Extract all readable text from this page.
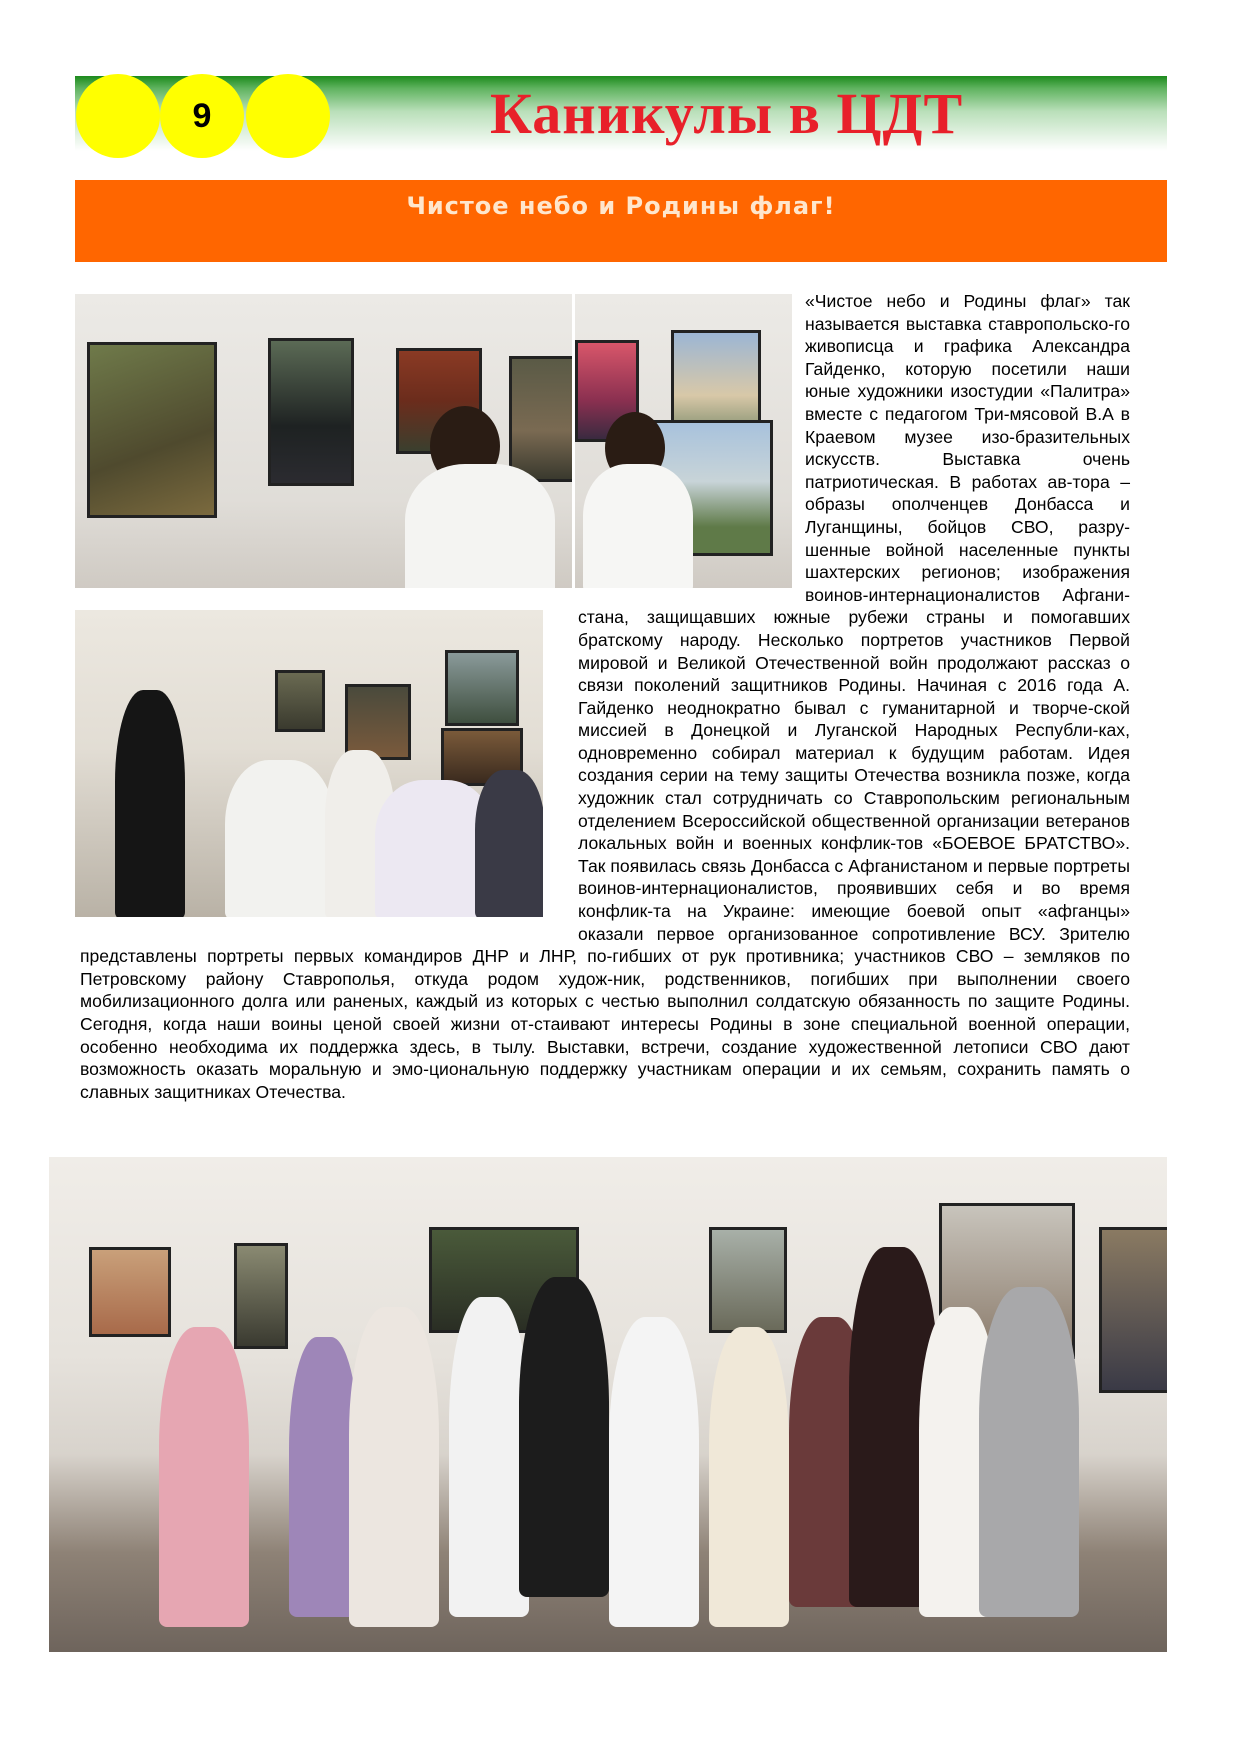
9	Каникулы в ЦДТ
Чистое небо и Родины флаг!
«Чистое небо и Родины флаг» так называется выставка ставропольско-го живописца и графика Александра Гайденко, которую посетили наши юные художники изостудии «Палитра» вместе с педагогом Три-мясовой В.А в Краевом музее изо-бразительных искусств. Выставка очень патриотическая. В работах ав-тора – образы ополченцев Донбасса и Луганщины, бойцов СВО, разру-шенные войной населенные пункты шахтерских регионов; изображения воинов-интернационалистов Афгани-стана, защищавших южные рубежи страны и помогавших братскому народу. Несколько портретов участников Первой мировой и Великой Отечественной войн продолжают рассказ о связи поколений защитников Родины. Начиная с 2016 года А. Гайденко неоднократно бывал с гуманитарной и творче-ской миссией в Донецкой и Луганской Народных Республи-ках, одновременно собирал материал к будущим работам. Идея создания серии на тему защиты Отечества возникла позже, когда художник стал сотрудничать со Ставропольским региональным отделением Всероссийской общественной организации ветеранов локальных войн и военных конфлик-тов «БОЕВОЕ БРАТСТВО». Так появилась связь Донбасса с Афганистаном и первые портреты воинов-интернационалистов, проявивших себя и во время конфлик-та на Украине: имеющие боевой опыт «афганцы» оказали первое организованное сопротивление ВСУ. Зрителю представлены портреты первых командиров ДНР и ЛНР, по-гибших от рук противника; участников СВО – земляков по Петровскому району Ставрополья, откуда родом худож-ник, родственников, погибших при выполнении своего мобилизационного долга или раненых, каждый из которых с честью выполнил солдатскую обязанность по защите Родины. Сегодня, когда наши воины ценой своей жизни от-стаивают интересы Родины в зоне специальной военной операции, особенно необходима их поддержка здесь, в тылу. Выставки, встречи, создание художественной летописи СВО дают возможность оказать моральную и эмо-циональную поддержку участникам операции и их семьям, сохранить память о славных защитниках Отечества.
